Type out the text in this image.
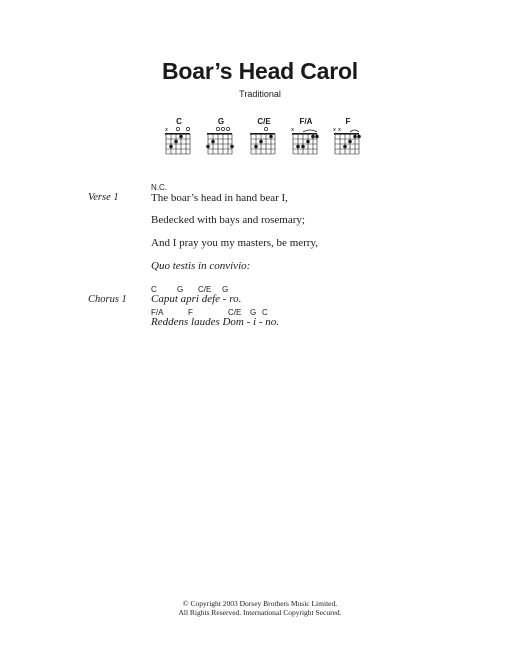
Boar’s Head Carol
Traditional
C
x
G	C/E	F/A
x
F
x x
Verse 1
N.C.
The boar’s head in hand bear I,
Bedecked with bays and rosemary;
And I pray you my masters, be merry,
Quo testis in convivio:
Chorus 1
C	G C/E G
Caput apri defe - ro.
F/A	F	C/E G C
Reddens laudes Dom - i - no.
© Copyright 2003 Dorsey Brothers Music Limited.
All Rights Reserved. International Copyright Secured.
